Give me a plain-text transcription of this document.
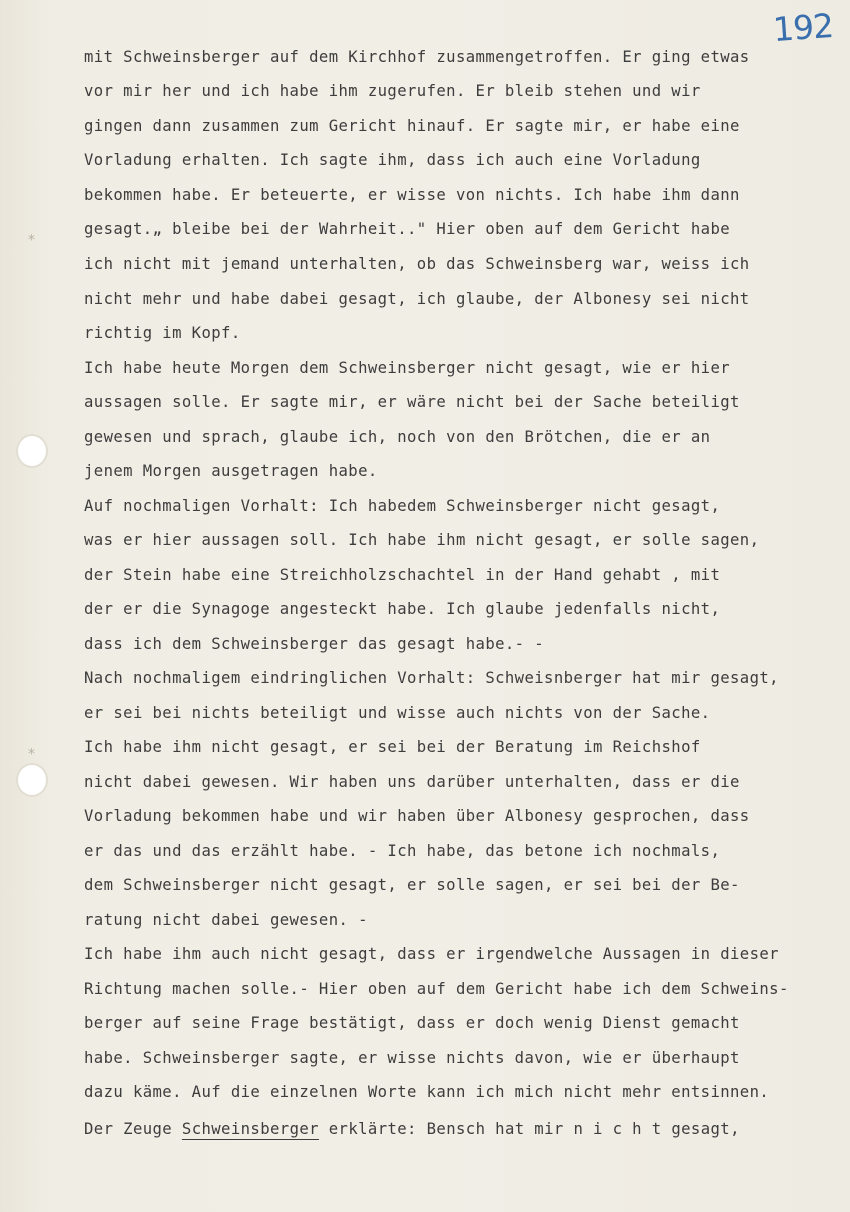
192
⁎
⁎
mit Schweinsberger auf dem Kirchhof zusammengetroffen. Er ging etwas
vor mir her und ich habe ihm zugerufen. Er bleib stehen und wir
gingen dann zusammen zum Gericht hinauf. Er sagte mir, er habe eine
Vorladung erhalten. Ich sagte ihm, dass ich auch eine Vorladung
bekommen habe. Er beteuerte, er wisse von nichts. Ich habe ihm dann
gesagt.„ bleibe bei der Wahrheit.." Hier oben auf dem Gericht habe
ich nicht mit jemand unterhalten, ob das Schweinsberg war, weiss ich
nicht mehr und habe dabei gesagt, ich glaube, der Albonesy sei nicht
richtig im Kopf.
Ich habe heute Morgen dem Schweinsberger nicht gesagt, wie er hier
aussagen solle. Er sagte mir, er wäre nicht bei der Sache beteiligt
gewesen und sprach, glaube ich, noch von den Brötchen, die er an
jenem Morgen ausgetragen habe.
Auf nochmaligen Vorhalt: Ich habedem Schweinsberger nicht gesagt,
was er hier aussagen soll. Ich habe ihm nicht gesagt, er solle sagen,
der Stein habe eine Streichholzschachtel in der Hand gehabt , mit
der er die Synagoge angesteckt habe. Ich glaube jedenfalls nicht,
dass ich dem Schweinsberger das gesagt habe.- -
Nach nochmaligem eindringlichen Vorhalt: Schweisnberger hat mir gesagt,
er sei bei nichts beteiligt und wisse auch nichts von der Sache.
Ich habe ihm nicht gesagt, er sei bei der Beratung im Reichshof
nicht dabei gewesen. Wir haben uns darüber unterhalten, dass er die
Vorladung bekommen habe und wir haben über Albonesy gesprochen, dass
er das und das erzählt habe. - Ich habe, das betone ich nochmals,
dem Schweinsberger nicht gesagt, er solle sagen, er sei bei der Be-
ratung nicht dabei gewesen. -
Ich habe ihm auch nicht gesagt, dass er irgendwelche Aussagen in dieser
Richtung machen solle.- Hier oben auf dem Gericht habe ich dem Schweins-
berger auf seine Frage bestätigt, dass er doch wenig Dienst gemacht
habe. Schweinsberger sagte, er wisse nichts davon, wie er überhaupt
dazu käme. Auf die einzelnen Worte kann ich mich nicht mehr entsinnen.
Der Zeuge Schweinsberger erklärte: Bensch hat mir n i c h t gesagt,
